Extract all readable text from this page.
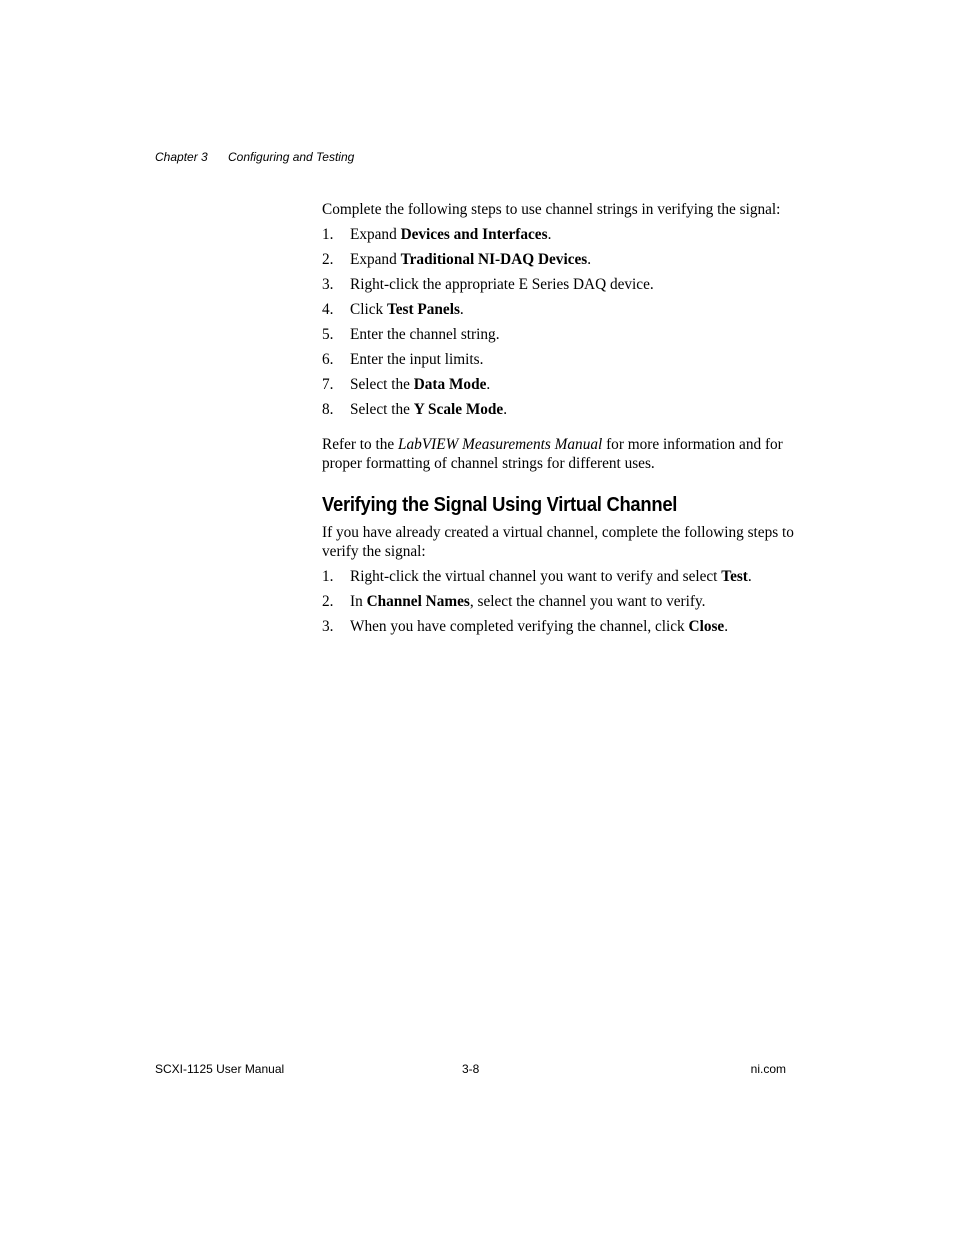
Chapter 3 Configuring and Testing

Complete the following steps to use channel strings in verifying the signal:

1. Expand Devices and Interfaces.
2. Expand Traditional NI-DAQ Devices.
3. Right-click the appropriate E Series DAQ device.
4. Click Test Panels.
5. Enter the channel string.
6. Enter the input limits.
7. Select the Data Mode.
8. Select the Y Scale Mode.

Refer to the LabVIEW Measurements Manual for more information and for proper formatting of channel strings for different uses.

Verifying the Signal Using Virtual Channel

If you have already created a virtual channel, complete the following steps to verify the signal:

1. Right-click the virtual channel you want to verify and select Test.
2. In Channel Names, select the channel you want to verify.
3. When you have completed verifying the channel, click Close.
SCXI-1125 User Manual	3-8	ni.com
